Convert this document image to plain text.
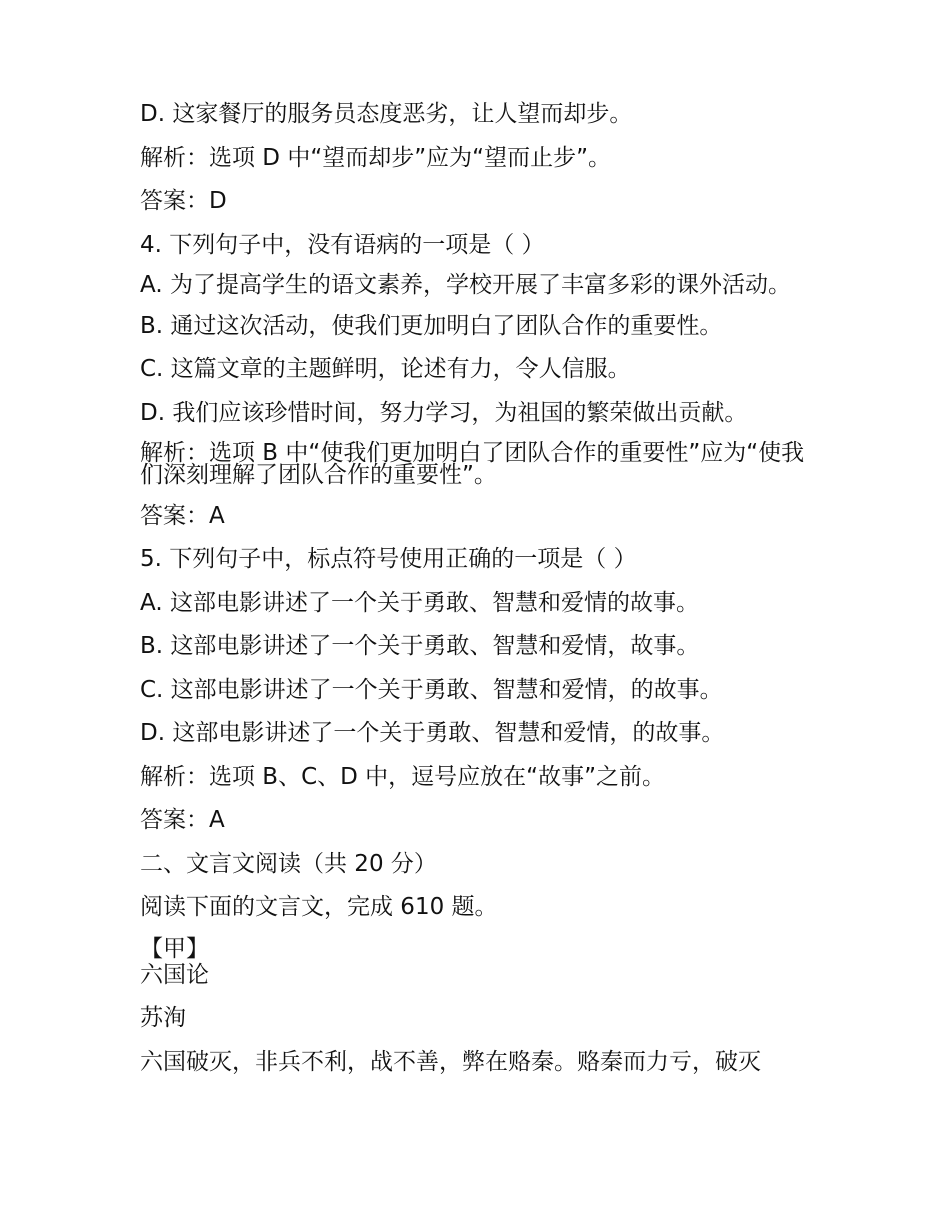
D. 这家餐厅的服务员态度恶劣，让人望而却步。
解析：选项 D 中“望而却步”应为“望而止步”。
答案：D
4. 下列句子中，没有语病的一项是（ ）
A. 为了提高学生的语文素养，学校开展了丰富多彩的课外活动。
B. 通过这次活动，使我们更加明白了团队合作的重要性。
C. 这篇文章的主题鲜明，论述有力，令人信服。
D. 我们应该珍惜时间，努力学习，为祖国的繁荣做出贡献。
解析：选项 B 中“使我们更加明白了团队合作的重要性”应为“使我们深刻理解了团队合作的重要性”。
答案：A
5. 下列句子中，标点符号使用正确的一项是（ ）
A. 这部电影讲述了一个关于勇敢、智慧和爱情的故事。
B. 这部电影讲述了一个关于勇敢、智慧和爱情，故事。
C. 这部电影讲述了一个关于勇敢、智慧和爱情，的故事。
D. 这部电影讲述了一个关于勇敢、智慧和爱情，的故事。
解析：选项 B、C、D 中，逗号应放在“故事”之前。
答案：A
二、文言文阅读（共 20 分）
阅读下面的文言文，完成 610 题。
【甲】
六国论
苏洵
六国破灭，非兵不利，战不善，弊在赂秦。赂秦而力亏，破灭
